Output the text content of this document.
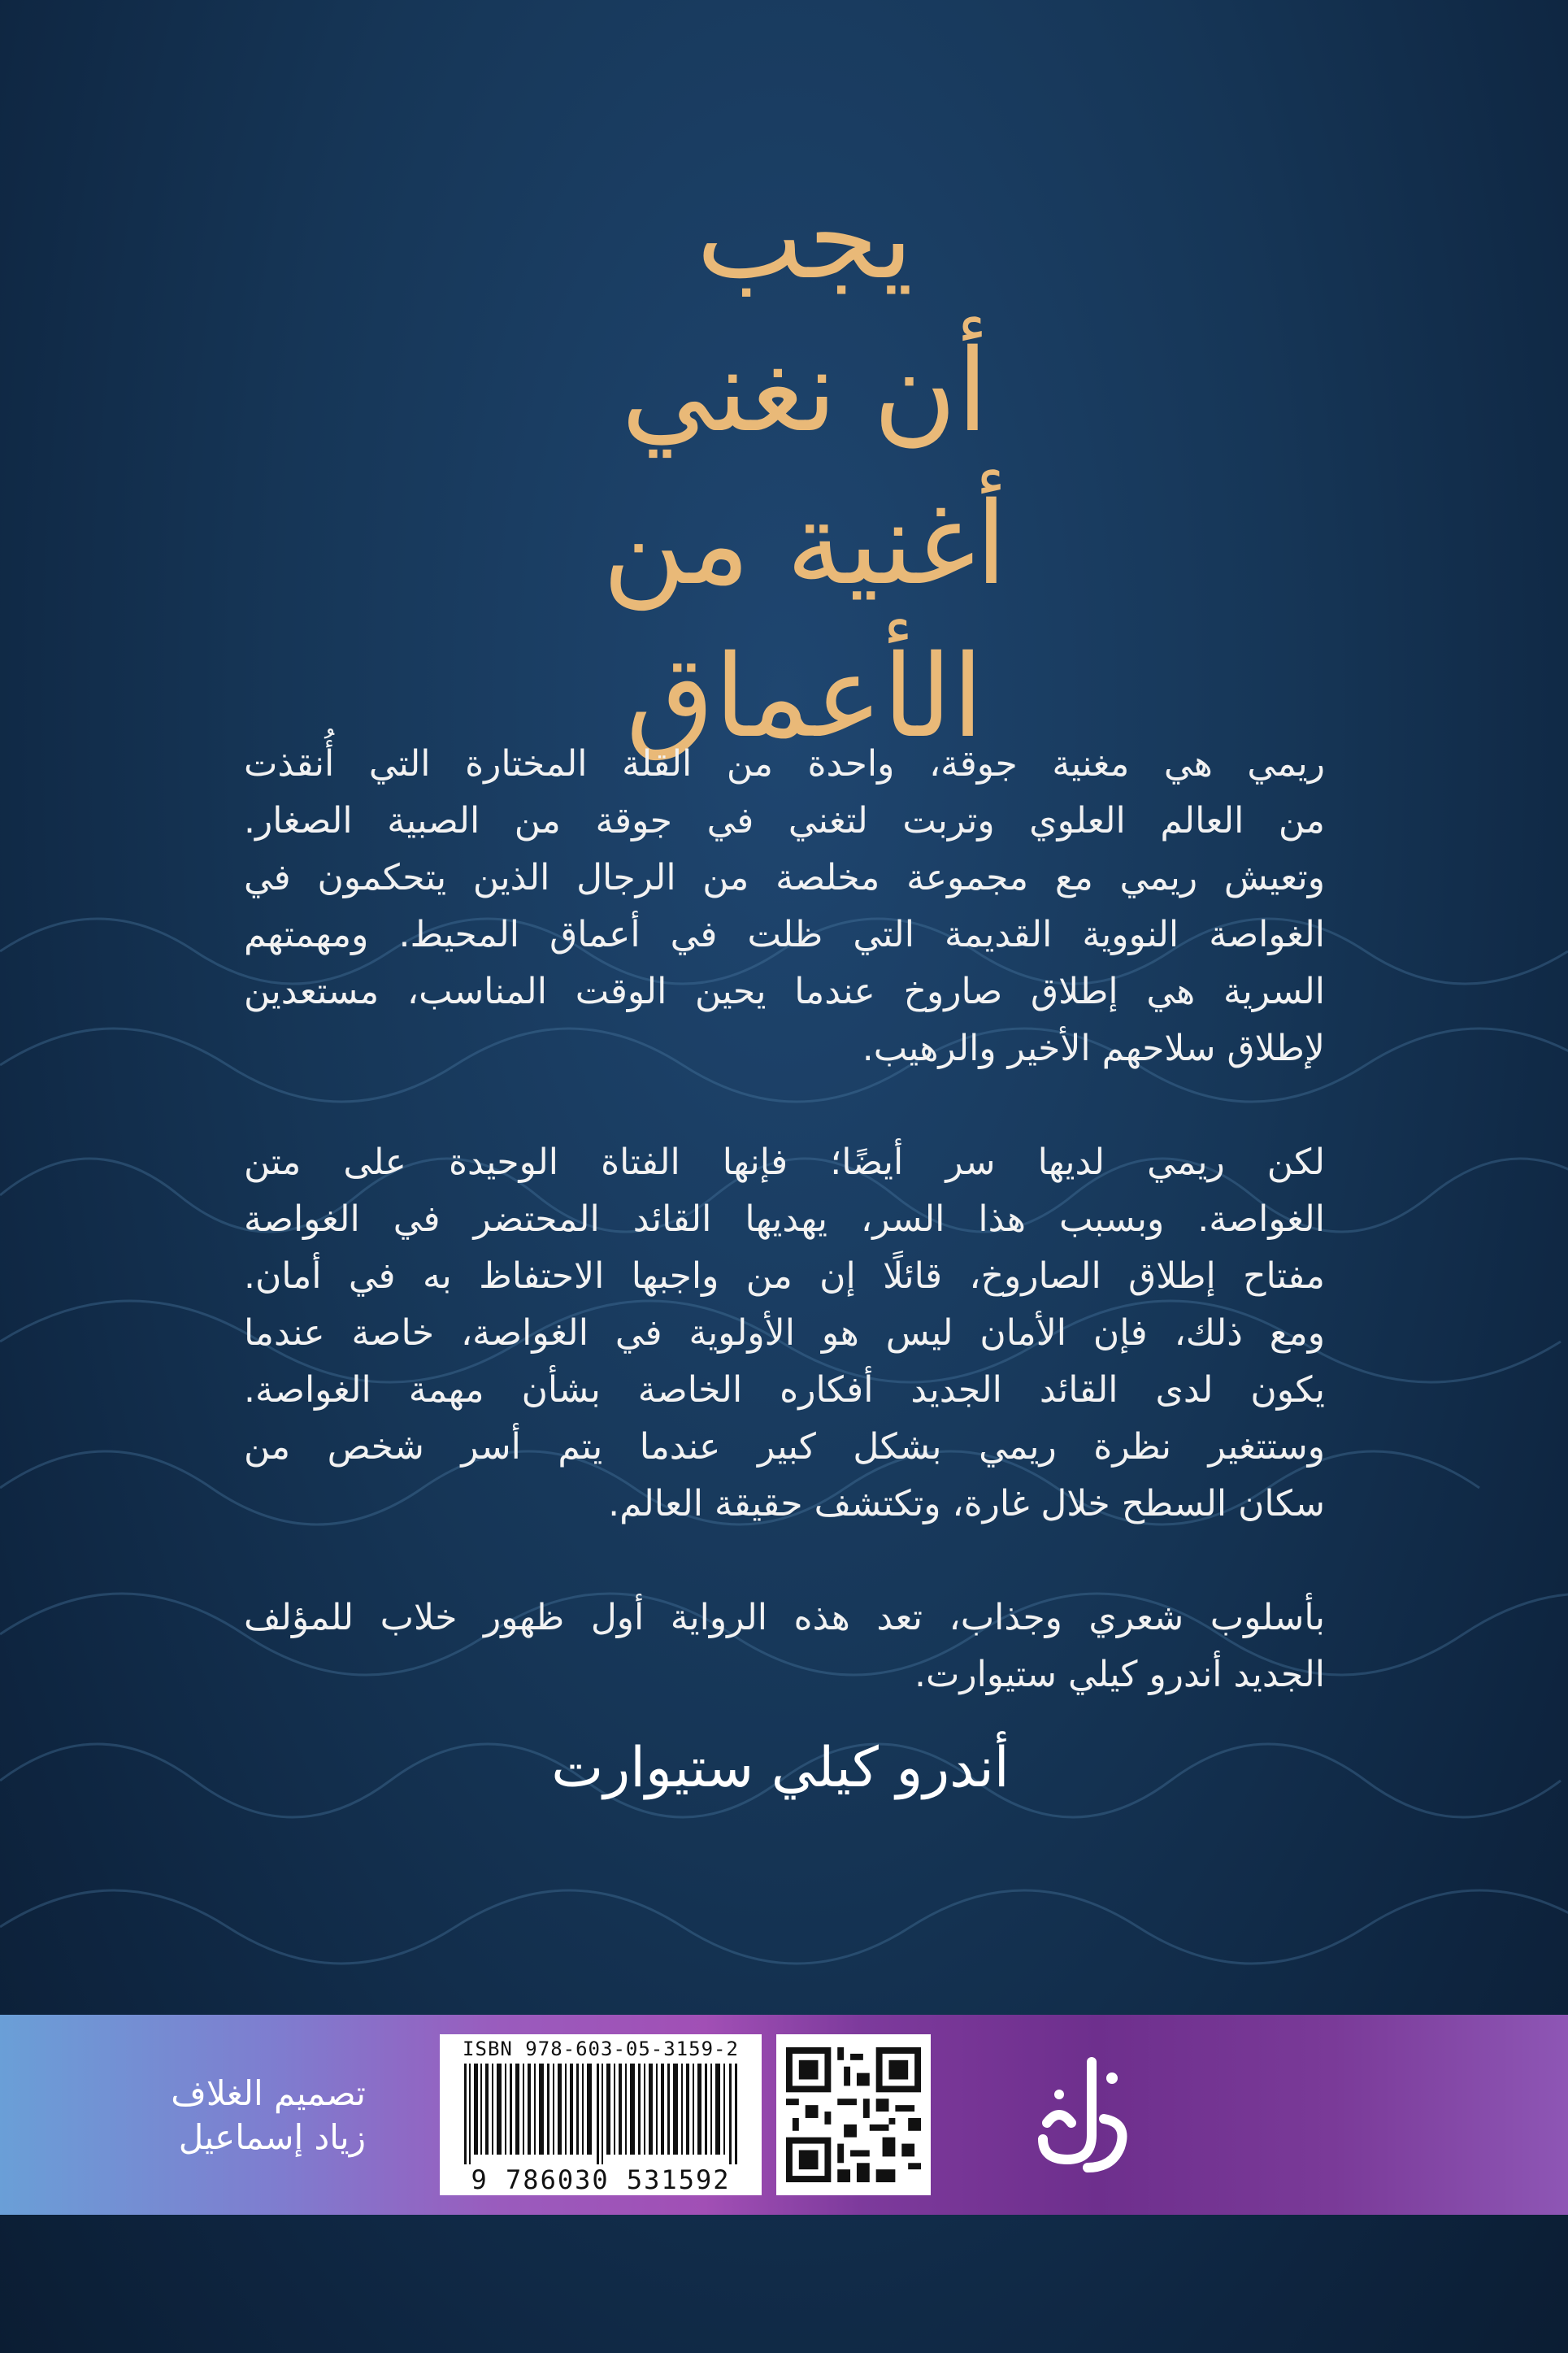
يجب
أن نغني
أغنية من
الأعماق
ريمي هي مغنية جوقة، واحدة من القلة المختارة التي أُنقذت
من العالم العلوي وتربت لتغني في جوقة من الصبية الصغار.
وتعيش ريمي مع مجموعة مخلصة من الرجال الذين يتحكمون في
الغواصة النووية القديمة التي ظلت في أعماق المحيط. ومهمتهم
السرية هي إطلاق صاروخ عندما يحين الوقت المناسب، مستعدين
لإطلاق سلاحهم الأخير والرهيب.
لكن ريمي لديها سر أيضًا؛ فإنها الفتاة الوحيدة على متن
الغواصة. وبسبب هذا السر، يهديها القائد المحتضر في الغواصة
مفتاح إطلاق الصاروخ، قائلًا إن من واجبها الاحتفاظ به في أمان.
ومع ذلك، فإن الأمان ليس هو الأولوية في الغواصة، خاصة عندما
يكون لدى القائد الجديد أفكاره الخاصة بشأن مهمة الغواصة.
وستتغير نظرة ريمي بشكل كبير عندما يتم أسر شخص من
سكان السطح خلال غارة، وتكتشف حقيقة العالم.
بأسلوب شعري وجذاب، تعد هذه الرواية أول ظهور خلاب للمؤلف
الجديد أندرو كيلي ستيوارت.
أندرو كيلي ستيوارت
تصميم الغلاف
زياد إسماعيل
ISBN 978-603-05-3159-2
9 786030 531592
